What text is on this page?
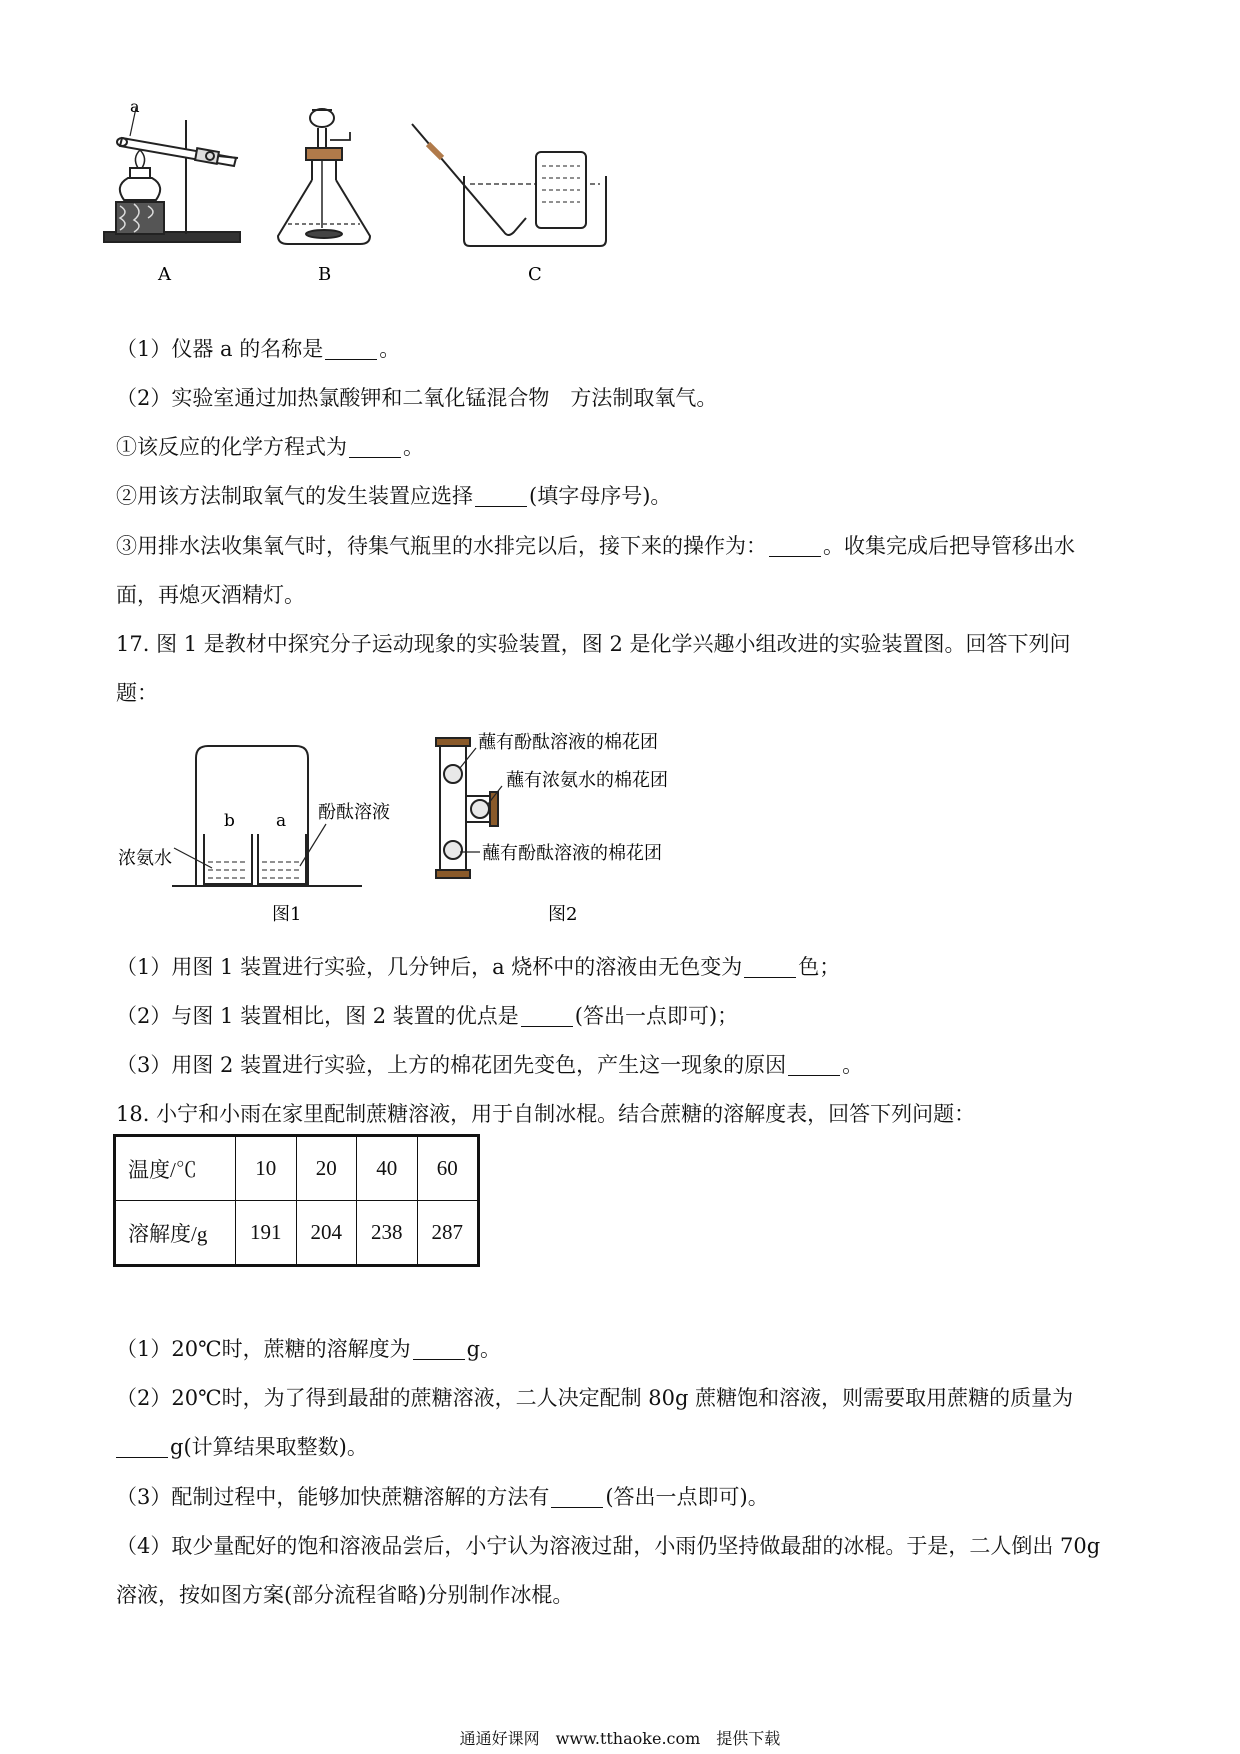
a
A	B	C
（1）仪器 a 的名称是	。
（2）实验室通过加热氯酸钾和二氧化锰混合物　方法制取氧气。
①该反应的化学方程式为	。
②用该方法制取氧气的发生装置应选择	(填字母序号)。
③用排水法收集氧气时，待集气瓶里的水排完以后，接下来的操作为：	。收集完成后把导管移出水
面，再熄灭酒精灯。
17. 图 1 是教材中探究分子运动现象的实验装置，图 2 是化学兴趣小组改进的实验装置图。回答下列问
题：
b a 酚酞溶液
浓氨水
图1
蘸有酚酞溶液的棉花团
蘸有浓氨水的棉花团
蘸有酚酞溶液的棉花团
图2
（1）用图 1 装置进行实验，几分钟后，a 烧杯中的溶液由无色变为	色；
（2）与图 1 装置相比，图 2 装置的优点是	(答出一点即可)；
（3）用图 2 装置进行实验，上方的棉花团先变色，产生这一现象的原因	。
18. 小宁和小雨在家里配制蔗糖溶液，用于自制冰棍。结合蔗糖的溶解度表，回答下列问题：
温度/℃	10	20	40	60
溶解度/g	191	204	238	287
（1）20℃时，蔗糖的溶解度为	g。
（2）20℃时，为了得到最甜的蔗糖溶液，二人决定配制 80g 蔗糖饱和溶液，则需要取用蔗糖的质量为
g(计算结果取整数)。
（3）配制过程中，能够加快蔗糖溶解的方法有	(答出一点即可)。
（4）取少量配好的饱和溶液品尝后，小宁认为溶液过甜，小雨仍坚持做最甜的冰棍。于是，二人倒出 70g
溶液，按如图方案(部分流程省略)分别制作冰棍。
通通好课网　www.tthaoke.com　提供下载
